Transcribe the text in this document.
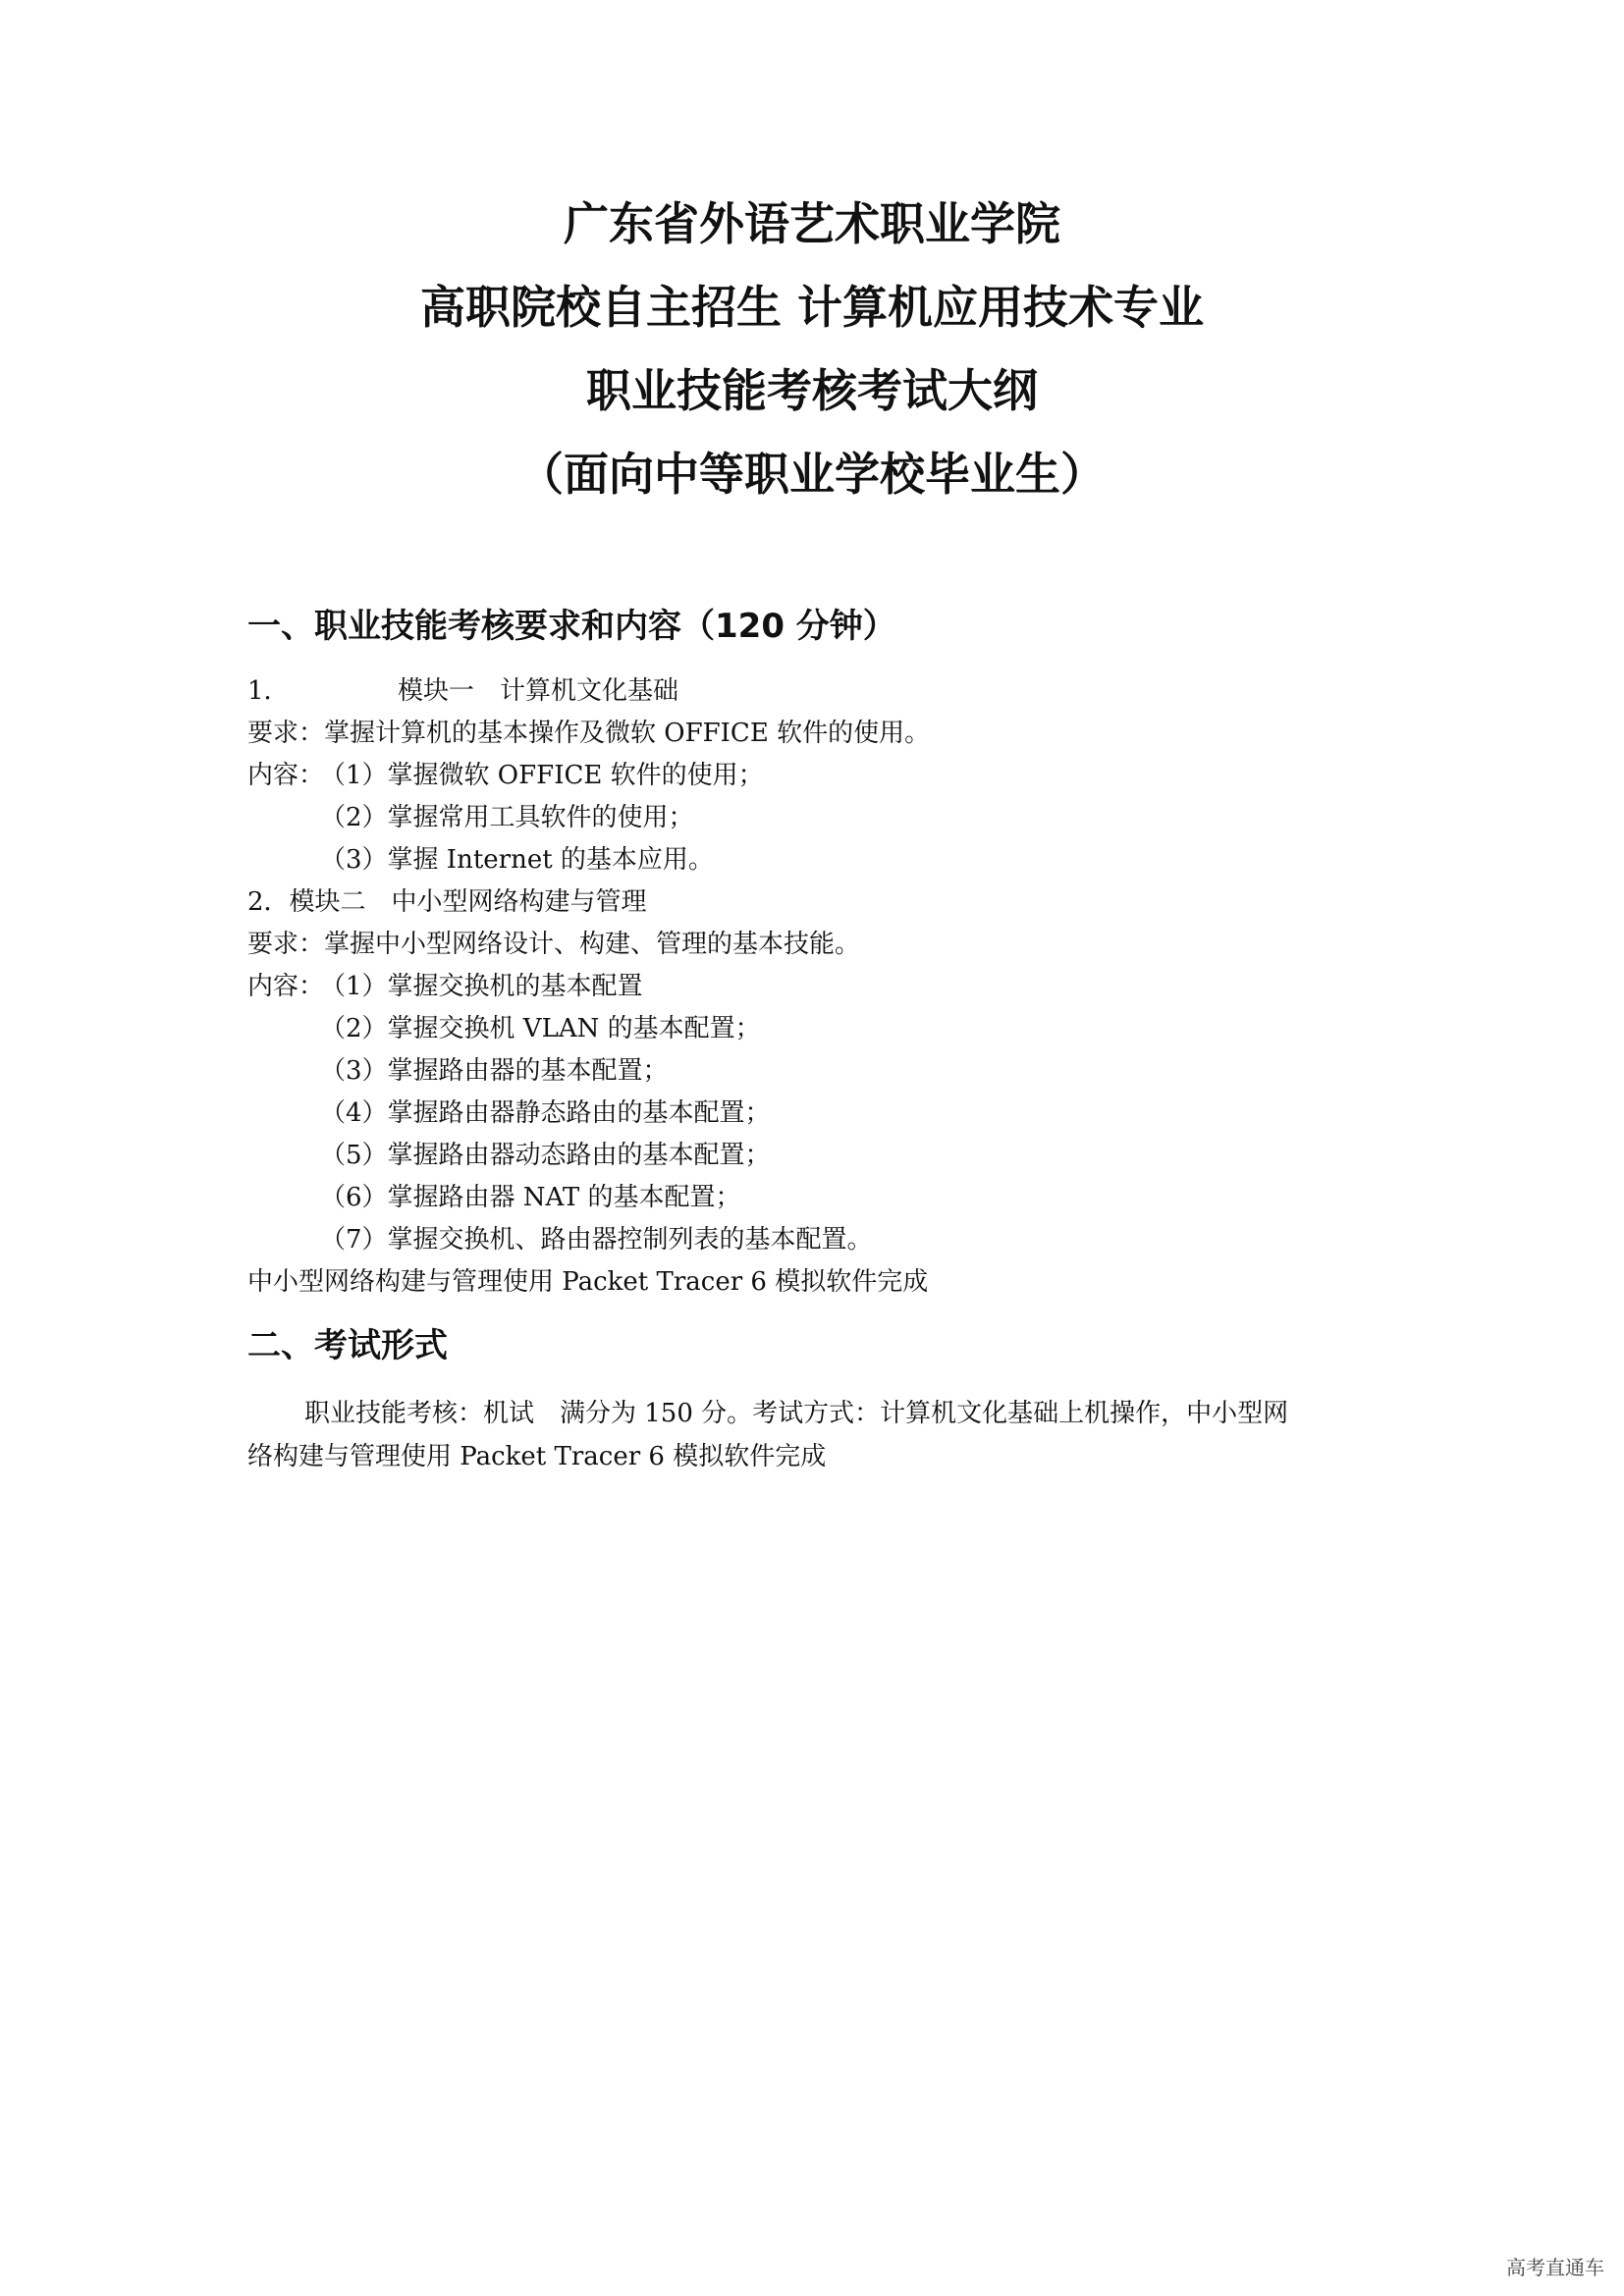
广东省外语艺术职业学院
高职院校自主招生 计算机应用技术专业
职业技能考核考试大纲
（面向中等职业学校毕业生）
一、职业技能考核要求和内容（120 分钟）
1．	模块一　计算机文化基础
要求：掌握计算机的基本操作及微软 OFFICE 软件的使用。
内容：
（1）掌握微软 OFFICE 软件的使用；
（2）掌握常用工具软件的使用；
（3）掌握 Internet 的基本应用。
2．模块二　中小型网络构建与管理
要求：掌握中小型网络设计、构建、管理的基本技能。
内容：
（1）掌握交换机的基本配置
（2）掌握交换机 VLAN 的基本配置；
（3）掌握路由器的基本配置；
（4）掌握路由器静态路由的基本配置；
（5）掌握路由器动态路由的基本配置；
（6）掌握路由器 NAT 的基本配置；
（7）掌握交换机、路由器控制列表的基本配置。
中小型网络构建与管理使用 Packet Tracer 6 模拟软件完成
二、考试形式
职业技能考核：机试　满分为 150 分。考试方式：计算机文化基础上机操作，中小型网
络构建与管理使用 Packet Tracer 6 模拟软件完成
高考直通车
